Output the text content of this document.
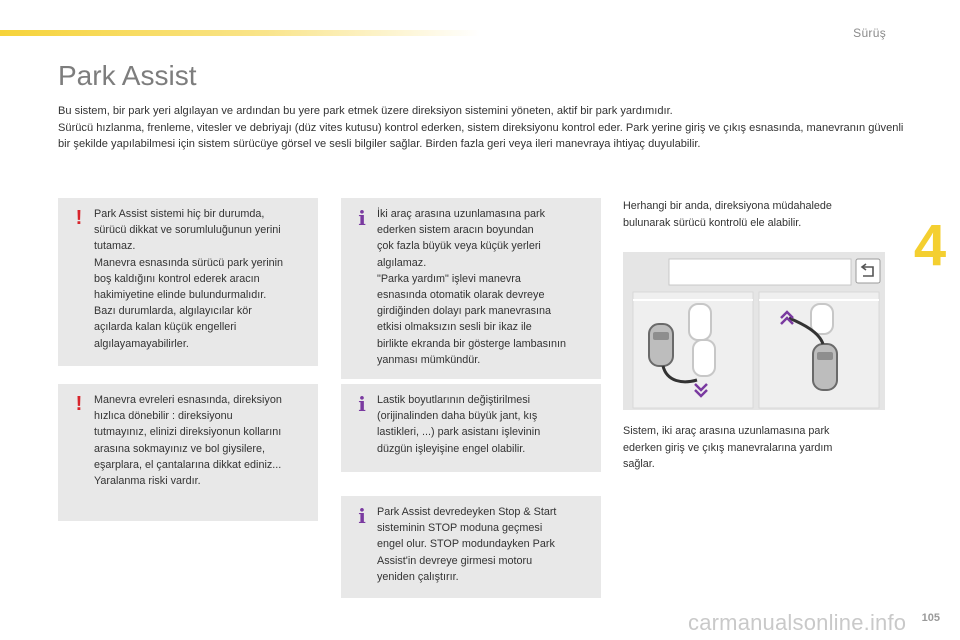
Sürüş
4
Park Assist

Bu sistem, bir park yeri algılayan ve ardından bu yere park etmek üzere direksiyon sistemini yöneten, aktif bir park yardımıdır.

Sürücü hızlanma, frenleme, vitesler ve debriyajı (düz vites kutusu) kontrol ederken, sistem direksiyonu kontrol eder. Park yerine giriş ve çıkış esnasında, manevranın güvenli bir şekilde yapılabilmesi için sistem sürücüye görsel ve sesli bilgiler sağlar. Birden fazla geri veya ileri manevraya ihtiyaç duyulabilir.

!	Park Assist sistemi hiç bir durumda,
sürücü dikkat ve sorumluluğunun yerini
tutamaz.
Manevra esnasında sürücü park yerinin
boş kaldığını kontrol ederek aracın
hakimiyetine elinde bulundurmalıdır.
Bazı durumlarda, algılayıcılar kör
açılarda kalan küçük engelleri
algılayamayabilirler.
!	Manevra evreleri esnasında, direksiyon
hızlıca dönebilir : direksiyonu
tutmayınız, elinizi direksiyonun kollarını
arasına sokmayınız ve bol giysilere,
eşarplara, el çantalarına dikkat ediniz...
Yaralanma riski vardır.
i İki araç arasına uzunlamasına park
ederken sistem aracın boyundan
çok fazla büyük veya küçük yerleri
algılamaz.
"Parka yardım" işlevi manevra
esnasında otomatik olarak devreye
girdiğinden dolayı park manevrasına
etkisi olmaksızın sesli bir ikaz ile
birlikte ekranda bir gösterge lambasının
yanması mümkündür.
i Lastik boyutlarının değiştirilmesi
(orijinalinden daha büyük jant, kış
lastikleri, ...) park asistanı işlevinin
düzgün işleyişine engel olabilir.
i Park Assist devredeyken Stop & Start
sisteminin STOP moduna geçmesi
engel olur. STOP modundayken Park
Assist'in devreye girmesi motoru
yeniden çalıştırır.
Herhangi bir anda, direksiyona müdahalede
bulunarak sürücü kontrolü ele alabilir.
Sistem, iki araç arasına uzunlamasına park
ederken giriş ve çıkış manevralarına yardım
sağlar.
carmanualsonline.info 105
